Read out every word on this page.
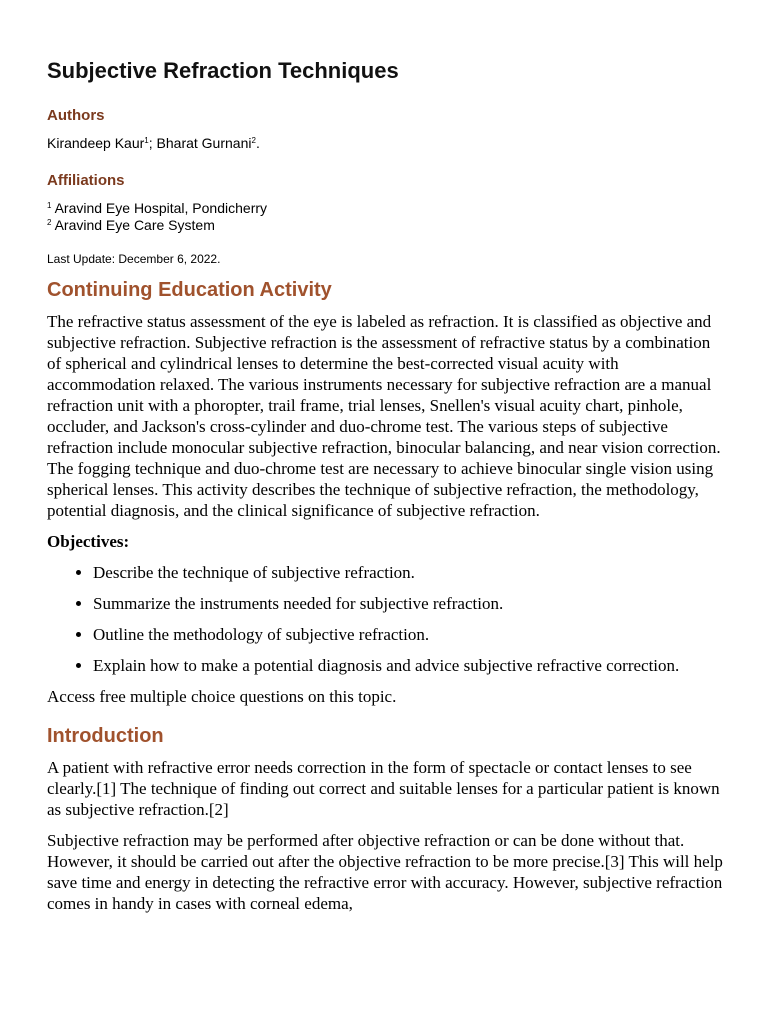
Subjective Refraction Techniques
Authors

Kirandeep Kaur$^1$; Bharat Gurnani$^2$.

Affiliations

$^1$ Aravind Eye Hospital, Pondicherry

$^2$ Aravind Eye Care System

Last Update: December 6, 2022.

Continuing Education Activity

The refractive status assessment of the eye is labeled as refraction. It is classified as objective and subjective refraction. Subjective refraction is the assessment of refractive status by a combination of spherical and cylindrical lenses to determine the best-corrected visual acuity with accommodation relaxed. The various instruments necessary for subjective refraction are a manual refraction unit with a phoropter, trail frame, trial lenses, Snellen's visual acuity chart, pinhole, occluder, and Jackson's cross-cylinder and duo-chrome test. The various steps of subjective refraction include monocular subjective refraction, binocular balancing, and near vision correction. The fogging technique and duo-chrome test are necessary to achieve binocular single vision using spherical lenses. This activity describes the technique of subjective refraction, the methodology, potential diagnosis, and the clinical significance of subjective refraction.

Objectives:

• Describe the technique of subjective refraction.
• Summarize the instruments needed for subjective refraction.
• Outline the methodology of subjective refraction.
• Explain how to make a potential diagnosis and advice subjective refractive correction.

Access free multiple choice questions on this topic.

Introduction

A patient with refractive error needs correction in the form of spectacle or contact lenses to see clearly.[1] The technique of finding out correct and suitable lenses for a particular patient is known as subjective refraction.[2]

Subjective refraction may be performed after objective refraction or can be done without that. However, it should be carried out after the objective refraction to be more precise.[3] This will help save time and energy in detecting the refractive error with accuracy. However, subjective refraction comes in handy in cases with corneal edema,
